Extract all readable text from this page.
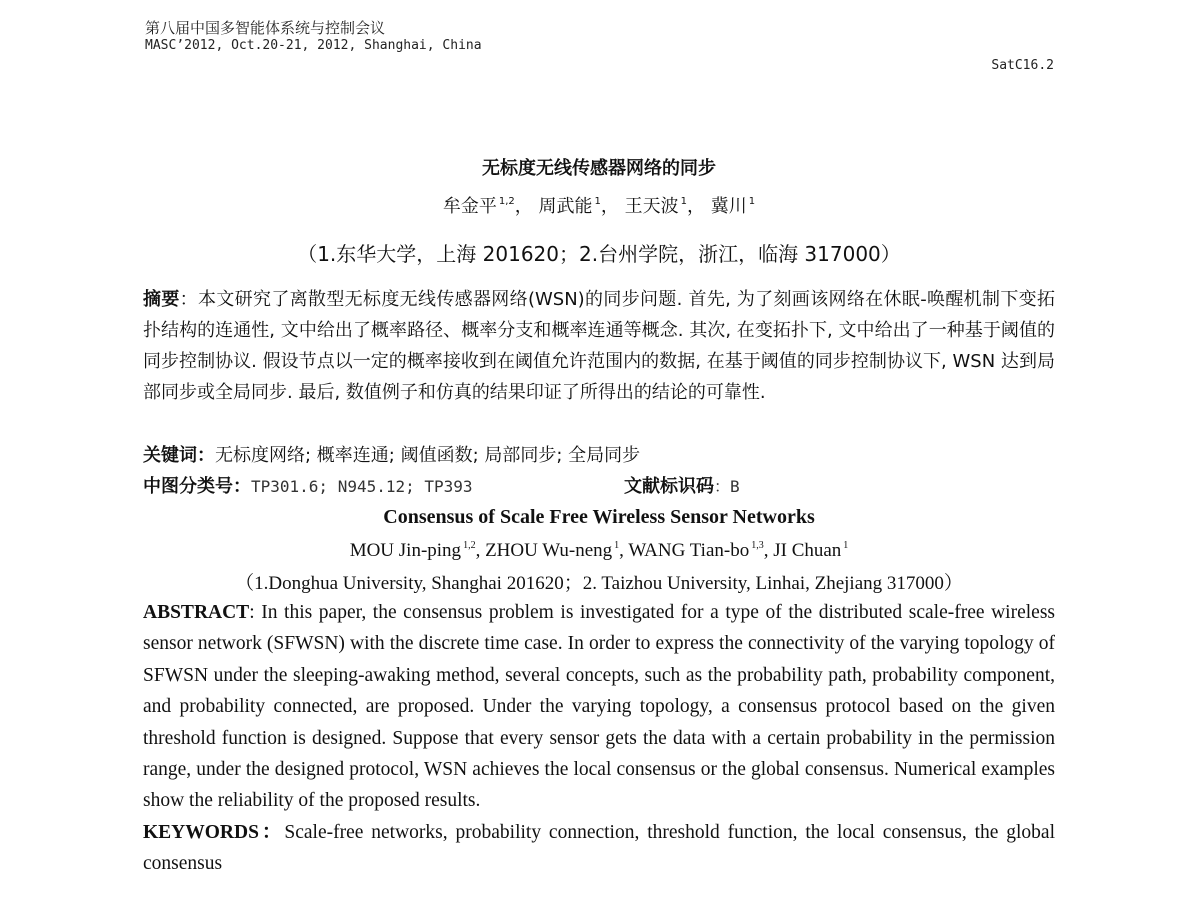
第八届中国多智能体系统与控制会议
MASC’2012, Oct.20-21, 2012, Shanghai, China
SatC16.2
无标度无线传感器网络的同步
牟金平 $^{1,2}$， 周武能 $^1$， 王天波 $^1$， 冀川 $^1$
（1.东华大学，上海 201620；2.台州学院，浙江，临海 317000）
摘要：本文研究了离散型无标度无线传感器网络(WSN)的同步问题. 首先, 为了刻画该网络在休眠-唤醒机制下变拓扑结构的连通性, 文中给出了概率路径、概率分支和概率连通等概念. 其次, 在变拓扑下, 文中给出了一种基于阈值的同步控制协议. 假设节点以一定的概率接收到在阈值允许范围内的数据, 在基于阈值的同步控制协议下, WSN 达到局部同步或全局同步. 最后, 数值例子和仿真的结果印证了所得出的结论的可靠性.
关键词：无标度网络; 概率连通; 阈值函数; 局部同步; 全局同步
中图分类号：TP301.6; N945.12; TP393	文献标识码：B
Consensus of Scale Free Wireless Sensor Networks
MOU Jin-ping $^{1,2}$, ZHOU Wu-neng $^1$, WANG Tian-bo $^{1,3}$, JI Chuan $^1$
（1.Donghua University, Shanghai 201620；2. Taizhou University, Linhai, Zhejiang 317000）
ABSTRACT: In this paper, the consensus problem is investigated for a type of the distributed scale-free wireless sensor network (SFWSN) with the discrete time case. In order to express the connectivity of the varying topology of SFWSN under the sleeping-awaking method, several concepts, such as the probability path, probability component, and probability connected, are proposed. Under the varying topology, a consensus protocol based on the given threshold function is designed. Suppose that every sensor gets the data with a certain probability in the permission range, under the designed protocol, WSN achieves the local consensus or the global consensus. Numerical examples show the reliability of the proposed results.
KEYWORDS：Scale-free networks, probability connection, threshold function, the local consensus, the global consensus
